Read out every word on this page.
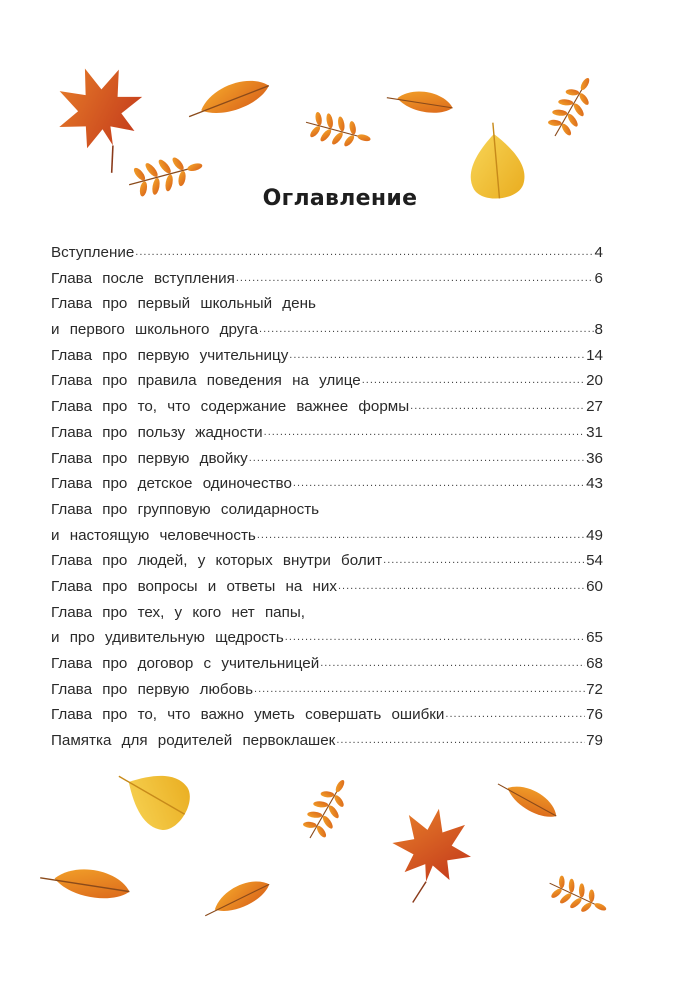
Оглавление
Вступление .....	4
Глава после вступления .....	6
Глава про первый школьный день
и первого школьного друга .....	8
Глава про первую учительницу .....	14
Глава про правила поведения на улице .....	20
Глава про то, что содержание важнее формы .....	27
Глава про пользу жадности .....	31
Глава про первую двойку .....	36
Глава про детское одиночество .....	43
Глава про групповую солидарность
и настоящую человечность .....	49
Глава про людей, у которых внутри болит .....	54
Глава про вопросы и ответы на них .....	60
Глава про тех, у кого нет папы,
и про удивительную щедрость .....	65
Глава про договор с учительницей .....	68
Глава про первую любовь .....	72
Глава про то, что важно уметь совершать ошибки .....	76
Памятка для родителей первоклашек .....	79
